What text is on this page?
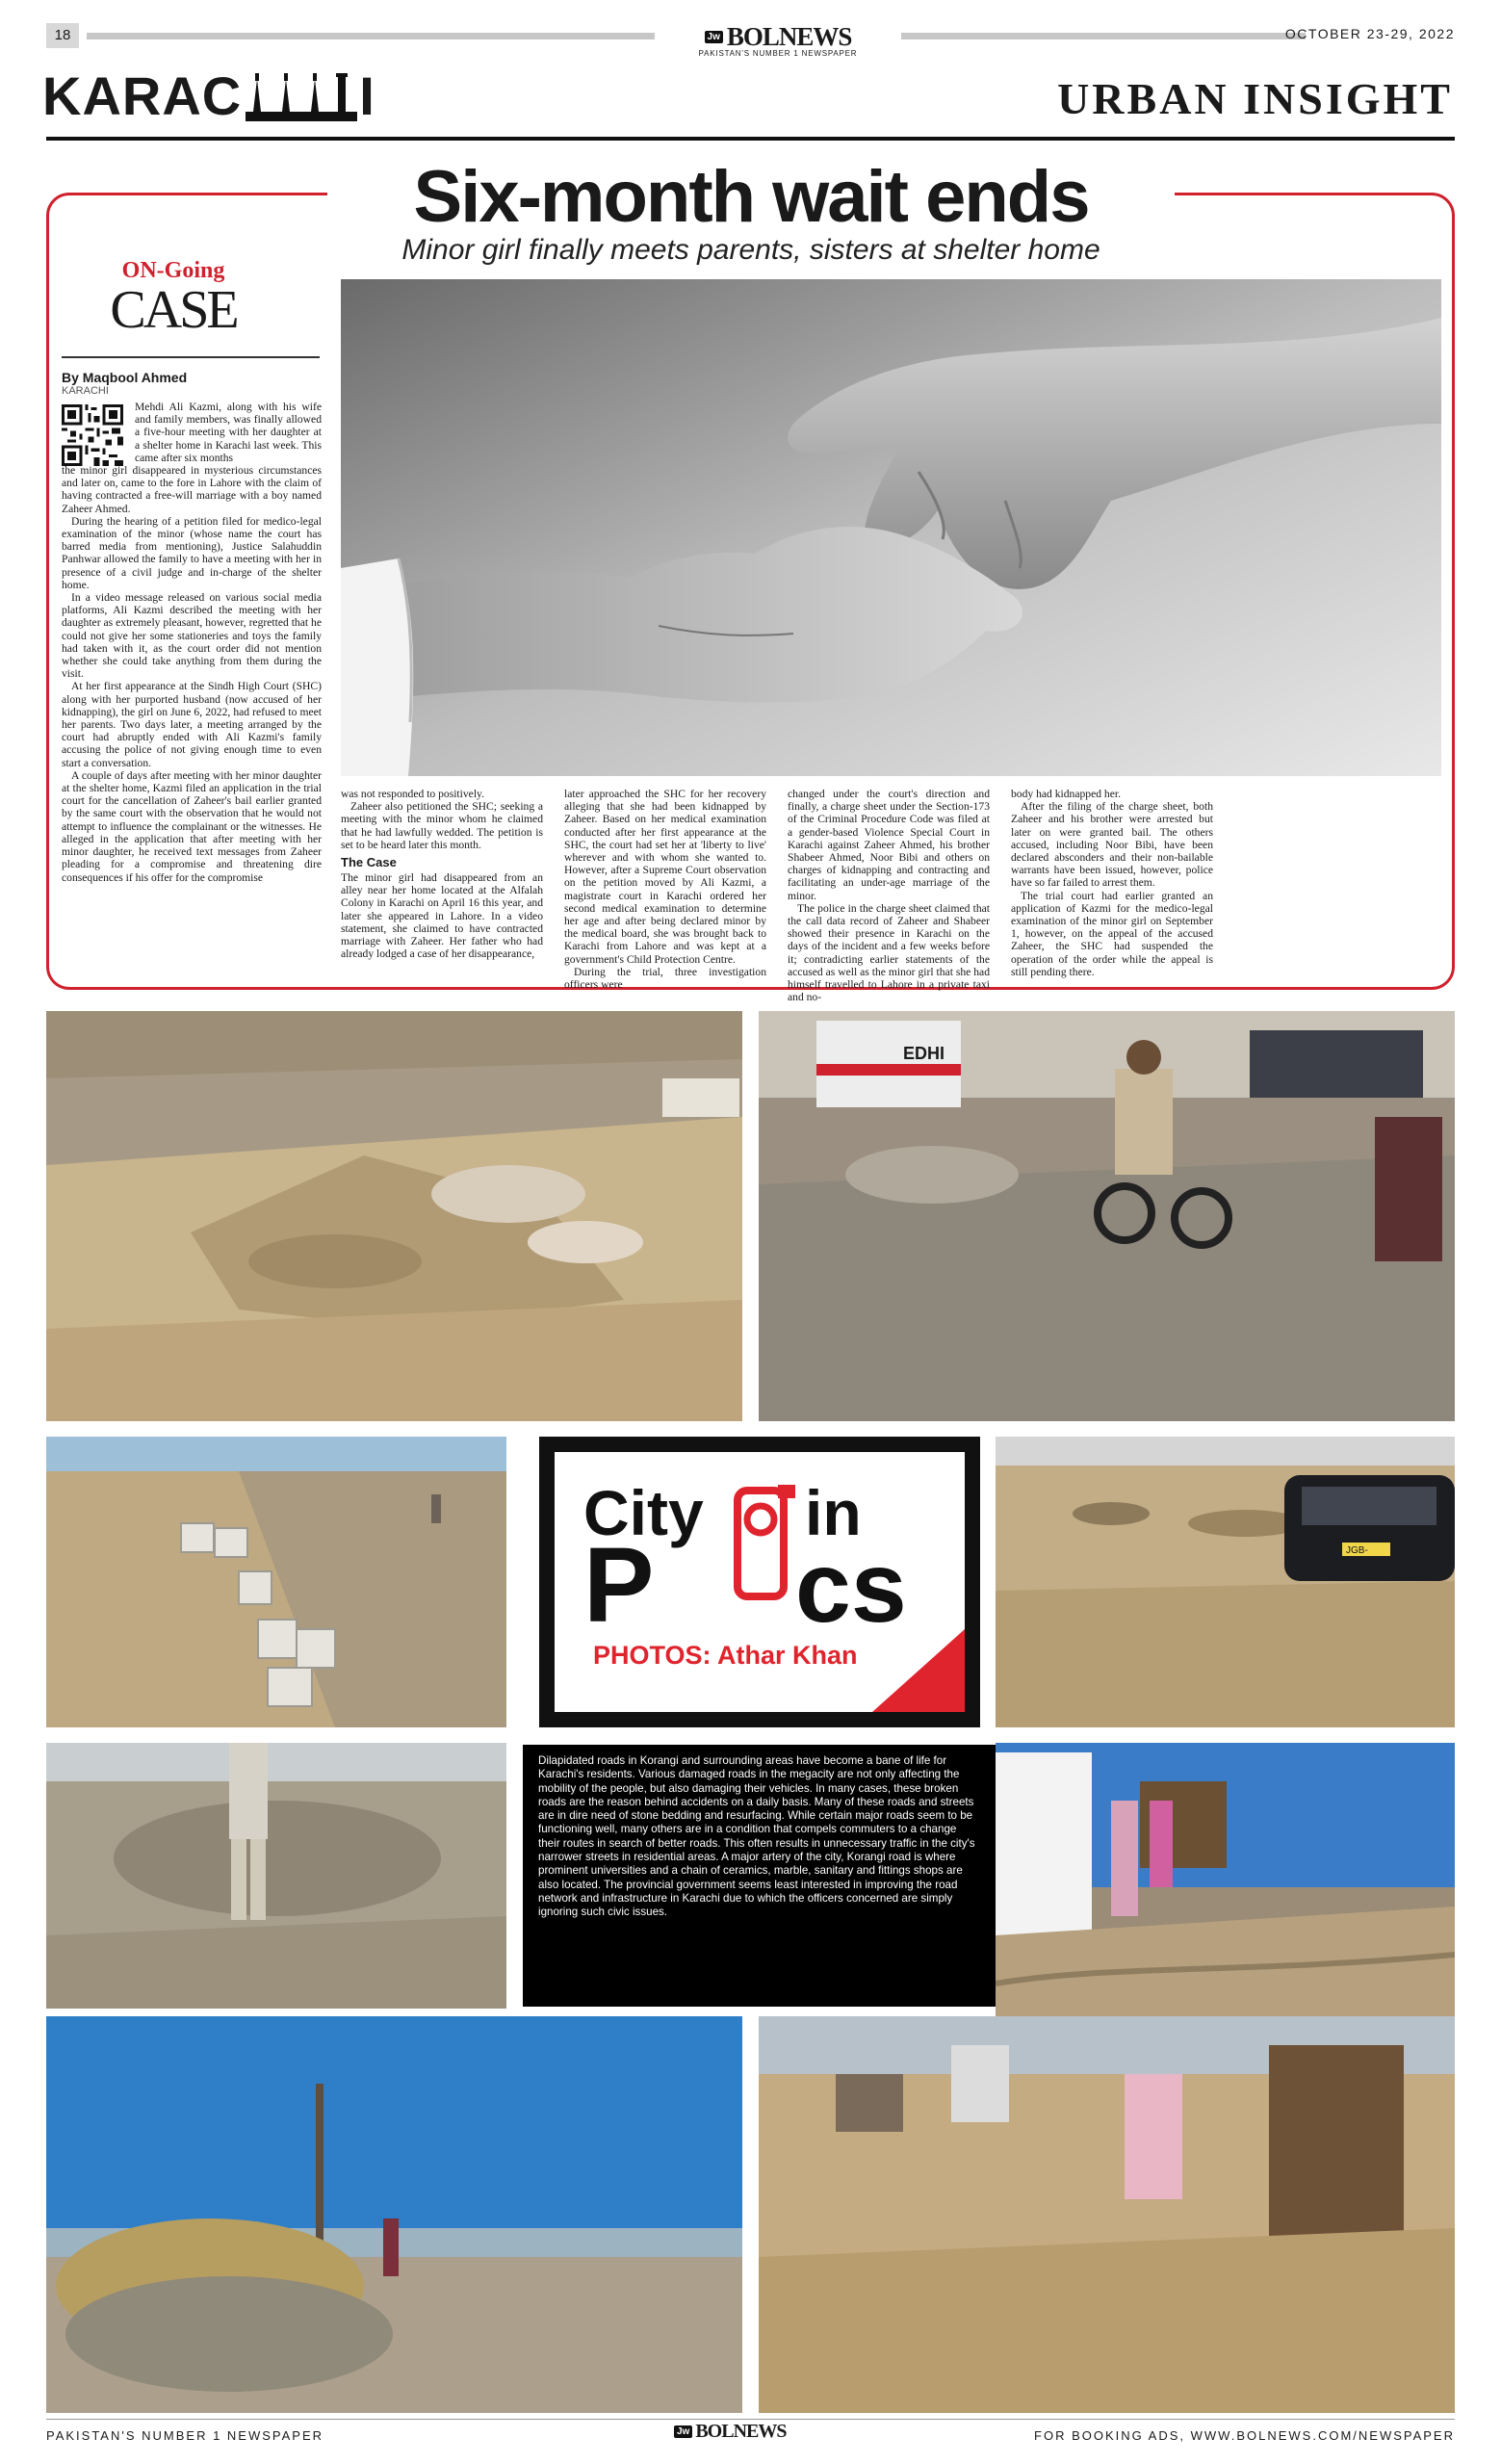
18	Jw BOLNEWS
PAKISTAN'S NUMBER 1 NEWSPAPER
OCTOBER 23-29, 2022
KARAC I	URBAN INSIGHT
Six-month wait ends
Minor girl finally meets parents, sisters at shelter home
ON-Going
CASE
By Maqbool Ahmed
KARACHI

Mehdi Ali Kazmi, along with his wife and family members, was finally allowed a five-hour meeting with her daughter at a shelter home in Karachi last week. This came after six months

the minor girl disappeared in mysterious circumstances and later on, came to the fore in Lahore with the claim of having contracted a free-will marriage with a boy named Zaheer Ahmed.

During the hearing of a petition filed for medico-legal examination of the minor (whose name the court has barred media from mentioning), Justice Salahuddin Panhwar allowed the family to have a meeting with her in presence of a civil judge and in-charge of the shelter home.

In a video message released on various social media platforms, Ali Kazmi described the meeting with her daughter as extremely pleasant, however, regretted that he could not give her some stationeries and toys the family had taken with it, as the court order did not mention whether she could take anything from them during the visit.

At her first appearance at the Sindh High Court (SHC) along with her purported husband (now accused of her kidnapping), the girl on June 6, 2022, had refused to meet her parents. Two days later, a meeting arranged by the court had abruptly ended with Ali Kazmi's family accusing the police of not giving enough time to even start a conversation.

A couple of days after meeting with her minor daughter at the shelter home, Kazmi filed an application in the trial court for the cancellation of Zaheer's bail earlier granted by the same court with the observation that he would not attempt to influence the complainant or the witnesses. He alleged in the application that after meeting with her minor daughter, he received text messages from Zaheer pleading for a compromise and threatening dire consequences if his offer for the compromise

was not responded to positively.

Zaheer also petitioned the SHC; seeking a meeting with the minor whom he claimed that he had lawfully wedded. The petition is set to be heard later this month.

The Case

The minor girl had disappeared from an alley near her home located at the Alfalah Colony in Karachi on April 16 this year, and later she appeared in Lahore. In a video statement, she claimed to have contracted marriage with Zaheer. Her father who had already lodged a case of her disappearance,

later approached the SHC for her recovery alleging that she had been kidnapped by Zaheer. Based on her medical examination conducted after her first appearance at the SHC, the court had set her at 'liberty to live' wherever and with whom she wanted to. However, after a Supreme Court observation on the petition moved by Ali Kazmi, a magistrate court in Karachi ordered her second medical examination to determine her age and after being declared minor by the medical board, she was brought back to Karachi from Lahore and was kept at a government's Child Protection Centre.

During the trial, three investigation officers were

changed under the court's direction and finally, a charge sheet under the Section-173 of the Criminal Procedure Code was filed at a gender-based Violence Special Court in Karachi against Zaheer Ahmed, his brother Shabeer Ahmed, Noor Bibi and others on charges of kidnapping and contracting and facilitating an under-age marriage of the minor.

The police in the charge sheet claimed that the call data record of Zaheer and Shabeer showed their presence in Karachi on the days of the incident and a few weeks before it; contradicting earlier statements of the accused as well as the minor girl that she had himself travelled to Lahore in a private taxi and no-

body had kidnapped her.

After the filing of the charge sheet, both Zaheer and his brother were arrested but later on were granted bail. The others accused, including Noor Bibi, have been declared absconders and their non-bailable warrants have been issued, however, police have so far failed to arrest them.

The trial court had earlier granted an application of Kazmi for the medico-legal examination of the minor girl on September 1, however, on the appeal of the accused Zaheer, the SHC had suspended the operation of the order while the appeal is still pending there.

EDHI
City in
P cs
PHOTOS: Athar Khan
JGB-
Dilapidated roads in Korangi and surrounding areas have become a bane of life for Karachi's residents. Various damaged roads in the megacity are not only affecting the mobility of the people, but also damaging their vehicles. In many cases, these broken roads are the reason behind accidents on a daily basis. Many of these roads and streets are in dire need of stone bedding and resurfacing. While certain major roads seem to be functioning well, many others are in a condition that compels commuters to a change their routes in search of better roads. This often results in unnecessary traffic in the city's narrower streets in residential areas. A major artery of the city, Korangi road is where prominent universities and a chain of ceramics, marble, sanitary and fittings shops are also located. The provincial government seems least interested in improving the road network and infrastructure in Karachi due to which the officers concerned are simply ignoring such civic issues.
PAKISTAN'S NUMBER 1 NEWSPAPER	Jw BOLNEWS	FOR BOOKING ADS, WWW.BOLNEWS.COM/NEWSPAPER
